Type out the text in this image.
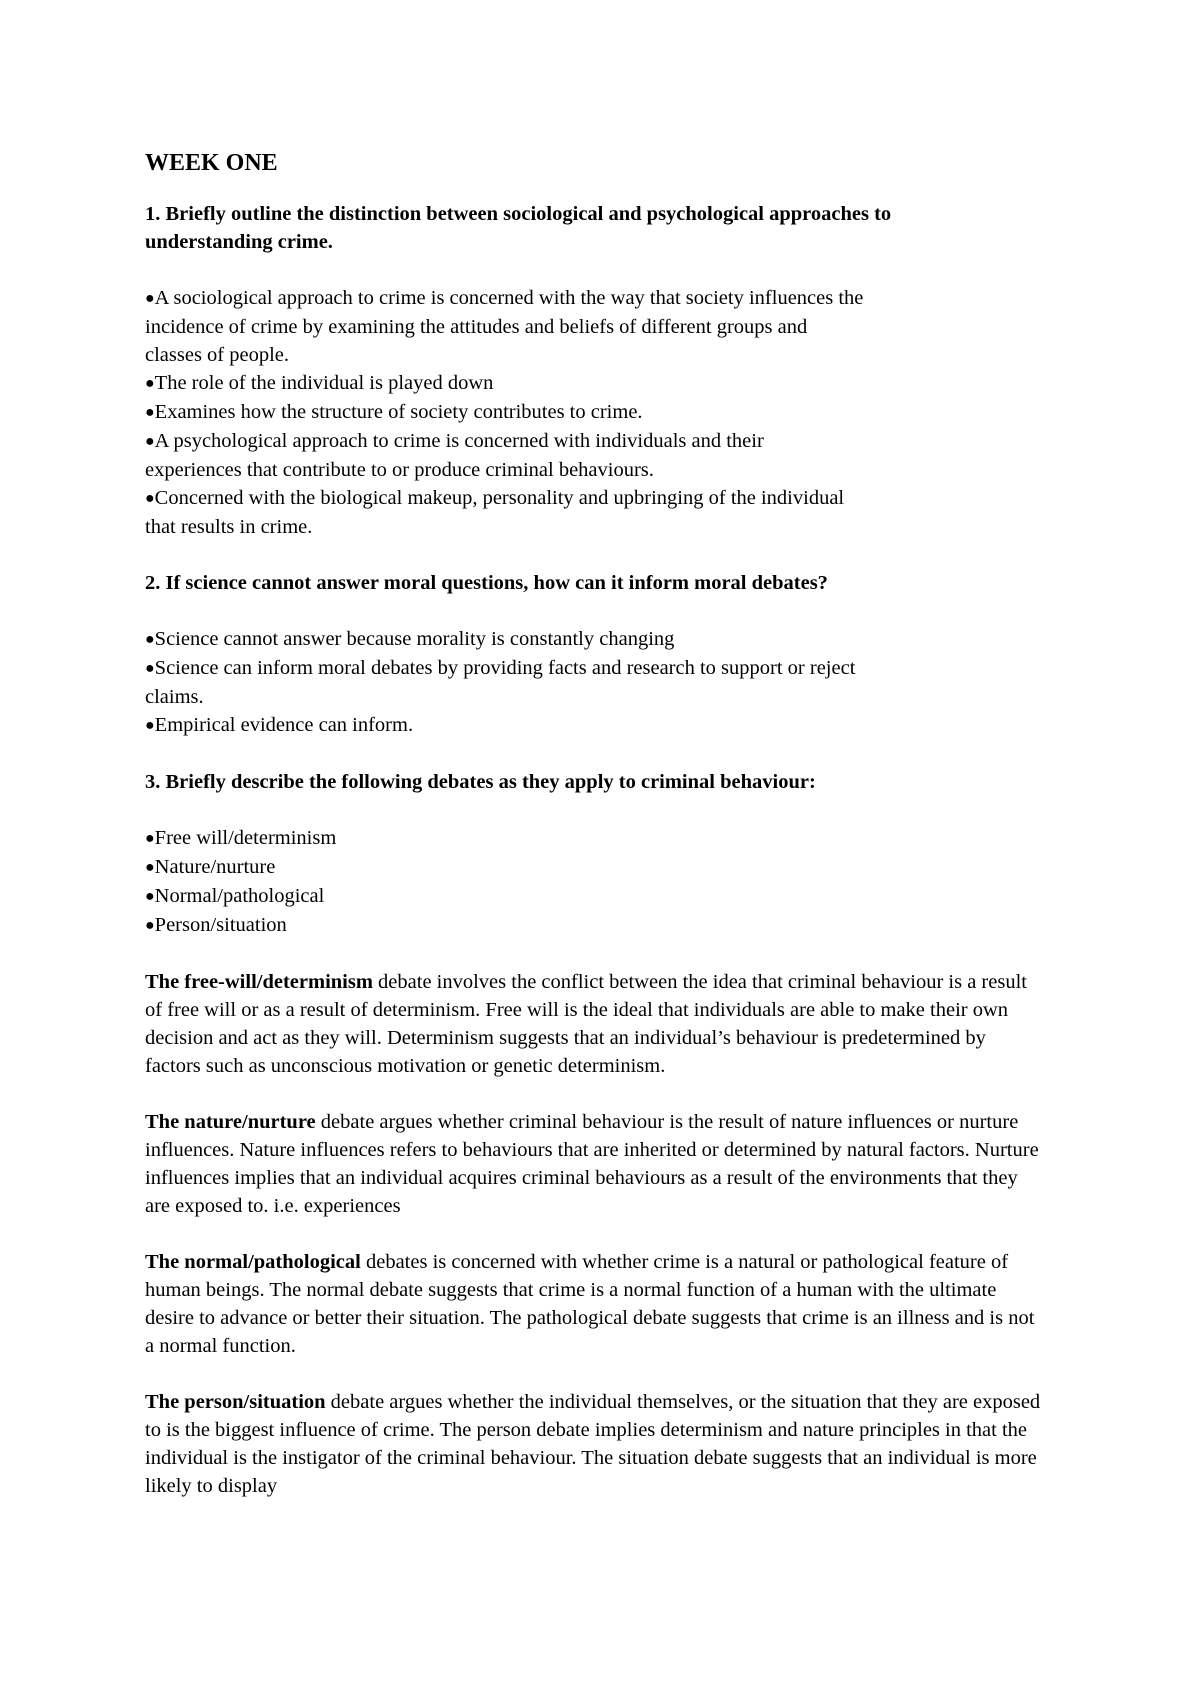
WEEK ONE
1. Briefly outline the distinction between sociological and psychological approaches to understanding crime.
●A sociological approach to crime is concerned with the way that society influences the incidence of crime by examining the attitudes and beliefs of different groups and classes of people.
●The role of the individual is played down
●Examines how the structure of society contributes to crime.
●A psychological approach to crime is concerned with individuals and their experiences that contribute to or produce criminal behaviours.
●Concerned with the biological makeup, personality and upbringing of the individual that results in crime.
2. If science cannot answer moral questions, how can it inform moral debates?
●Science cannot answer because morality is constantly changing
●Science can inform moral debates by providing facts and research to support or reject claims.
●Empirical evidence can inform.
3. Briefly describe the following debates as they apply to criminal behaviour:
●Free will/determinism
●Nature/nurture
●Normal/pathological
●Person/situation
The free-will/determinism debate involves the conflict between the idea that criminal behaviour is a result of free will or as a result of determinism. Free will is the ideal that individuals are able to make their own decision and act as they will. Determinism suggests that an individual’s behaviour is predetermined by factors such as unconscious motivation or genetic determinism.
The nature/nurture debate argues whether criminal behaviour is the result of nature influences or nurture influences. Nature influences refers to behaviours that are inherited or determined by natural factors. Nurture influences implies that an individual acquires criminal behaviours as a result of the environments that they are exposed to. i.e. experiences
The normal/pathological debates is concerned with whether crime is a natural or pathological feature of human beings. The normal debate suggests that crime is a normal function of a human with the ultimate desire to advance or better their situation. The pathological debate suggests that crime is an illness and is not a normal function.
The person/situation debate argues whether the individual themselves, or the situation that they are exposed to is the biggest influence of crime. The person debate implies determinism and nature principles in that the individual is the instigator of the criminal behaviour. The situation debate suggests that an individual is more likely to display
